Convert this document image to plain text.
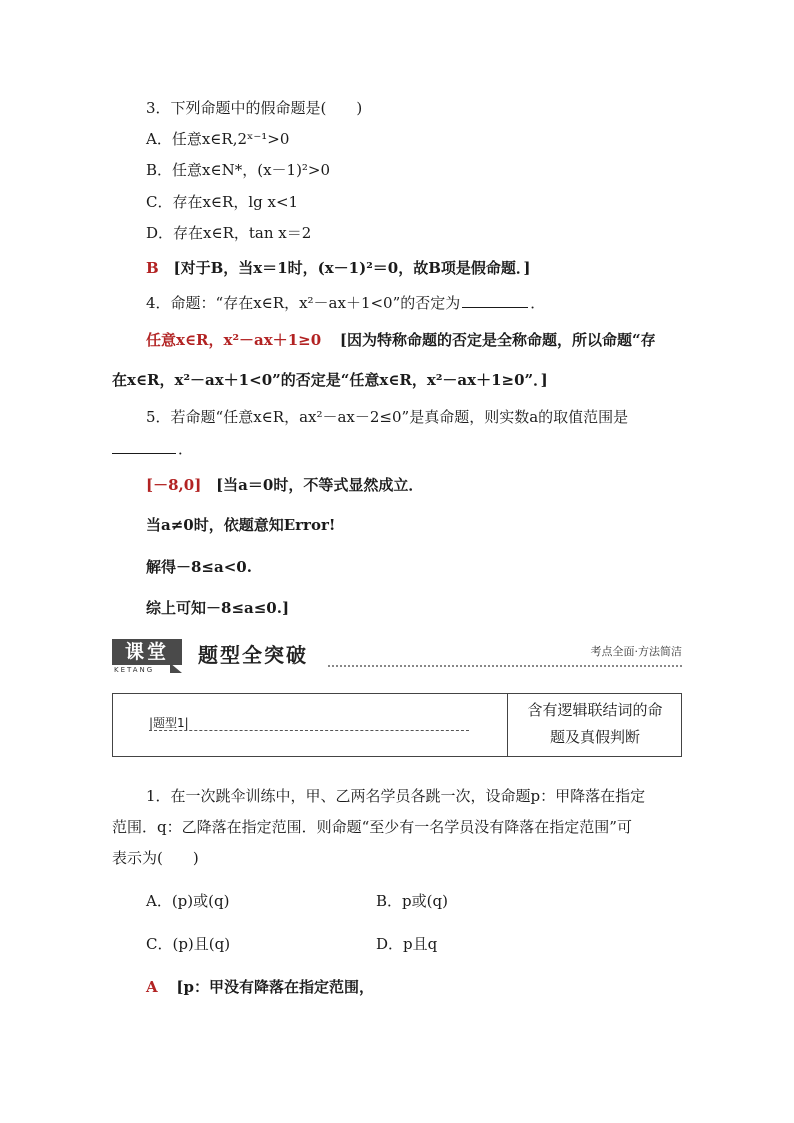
3．下列命题中的假命题是(　　)
A．任意x∈R,2ˣ⁻¹>0
B．任意x∈N*，(x－1)²>0
C．存在x∈R，lg x<1
D．存在x∈R，tan x＝2
B [对于B，当x＝1时，(x－1)²＝0，故B项是假命题．]
4．命题：“存在x∈R，x²－ax＋1<0”的否定为	．
任意x∈R，x²－ax＋1≥0 [因为特称命题的否定是全称命题，所以命题“存
在x∈R，x²－ax＋1<0”的否定是“任意x∈R，x²－ax＋1≥0”．]
5．若命题“任意x∈R，ax²－ax－2≤0”是真命题，则实数a的取值范围是
．
[－8,0] [当a＝0时，不等式显然成立．
当a≠0时，依题意知Error!
解得－8≤a<0.
综上可知－8≤a≤0.]
课堂
KETANG
题型全突破	考点全面·方法简洁
|题型1|
含有逻辑联结词的命
题及真假判断
1．在一次跳伞训练中，甲、乙两名学员各跳一次，设命题p：甲降落在指定
范围．q：乙降落在指定范围．则命题“至少有一名学员没有降落在指定范围”可
表示为(　　)
A．(p)或(q)	B．p或(q)
C．(p)且(q)	D．p且q
A [p：甲没有降落在指定范围，
